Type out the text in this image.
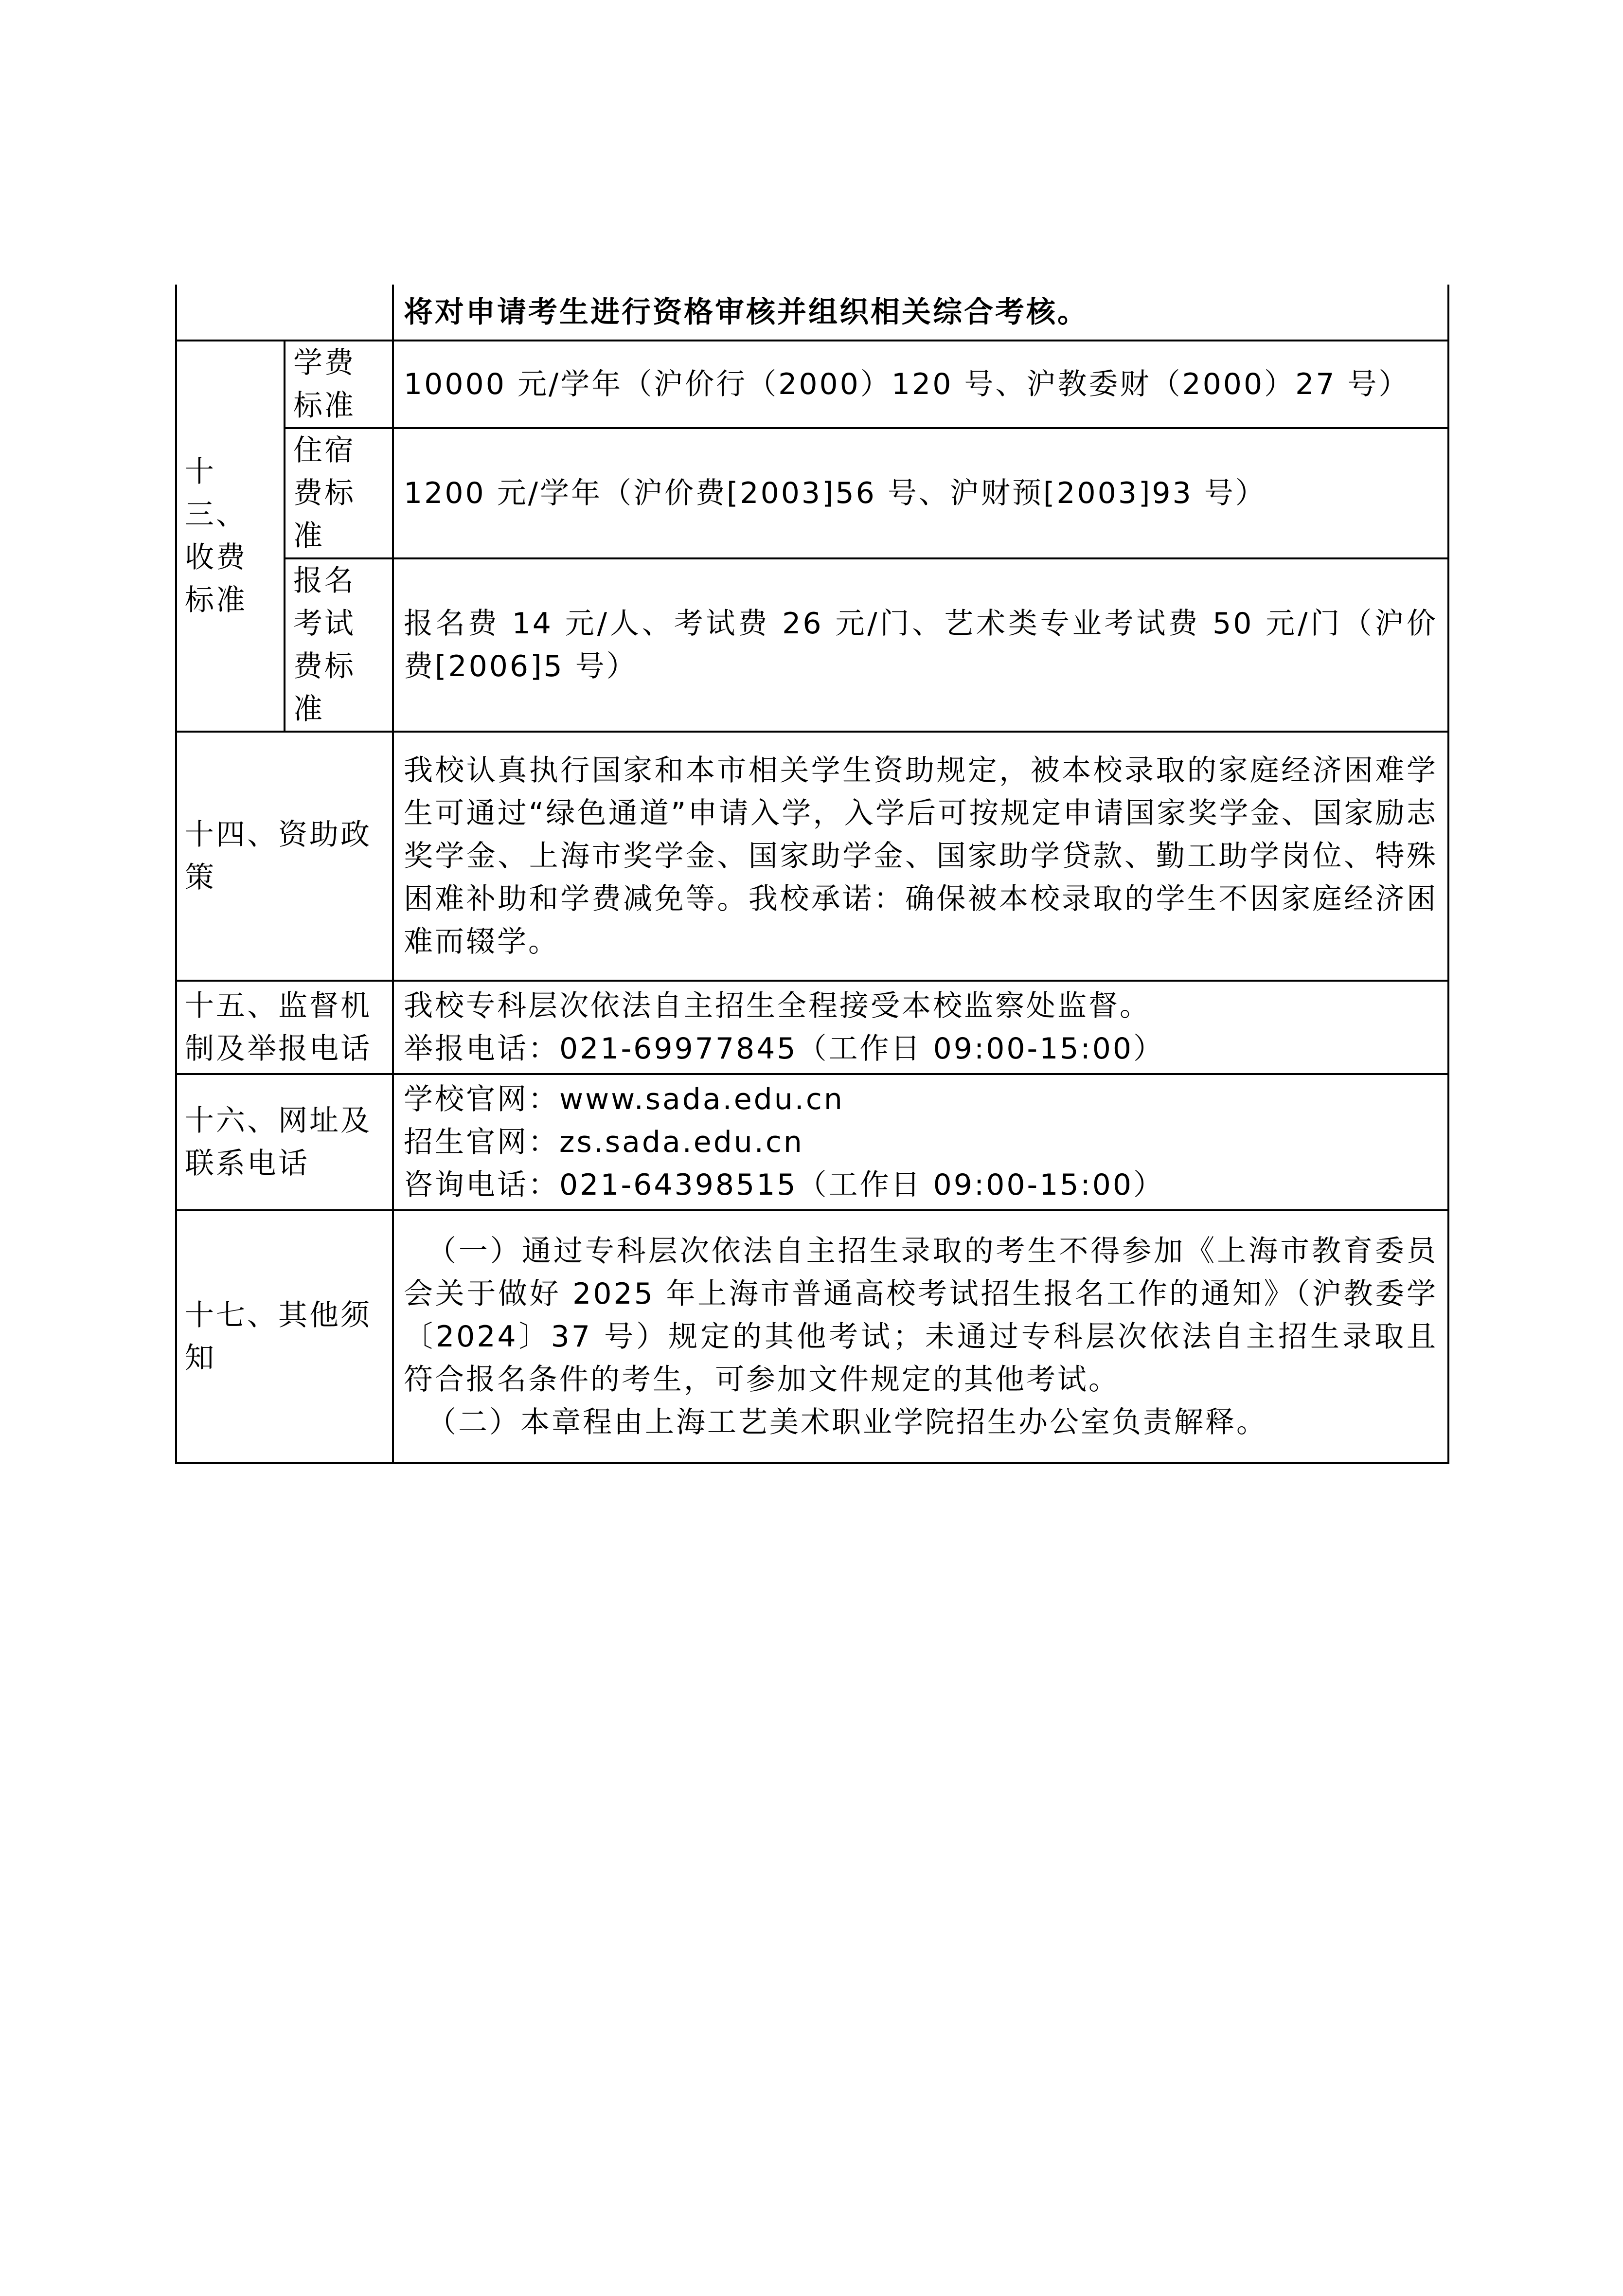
		将对申请考生进行资格审核并组织相关综合考核。
十三、收费标准	学费标准	10000 元/学年（沪价行（2000）120 号、沪教委财（2000）27 号）
	住宿费标准	1200 元/学年（沪价费[2003]56 号、沪财预[2003]93 号）
	报名考试费标准	报名费 14 元/人、考试费 26 元/门、艺术类专业考试费 50 元/门（沪价费[2006]5 号）
十四、资助政策		我校认真执行国家和本市相关学生资助规定，被本校录取的家庭经济困难学生可通过“绿色通道”申请入学，入学后可按规定申请国家奖学金、国家励志奖学金、上海市奖学金、国家助学金、国家助学贷款、勤工助学岗位、特殊困难补助和学费减免等。我校承诺：确保被本校录取的学生不因家庭经济困难而辍学。
十五、监督机制及举报电话		我校专科层次依法自主招生全程接受本校监察处监督。
举报电话：021-69977845（工作日 09:00-15:00）

十六、网址及联系电话		学校官网：www.sada.edu.cn
招生官网：zs.sada.edu.cn
咨询电话：021-64398515（工作日 09:00-15:00）

十七、其他须知		（一）通过专科层次依法自主招生录取的考生不得参加《上海市教育委员会关于做好 2025 年上海市普通高校考试招生报名工作的通知》（沪教委学〔2024〕37 号）规定的其他考试；未通过专科层次依法自主招生录取且符合报名条件的考生，可参加文件规定的其他考试。
（二）本章程由上海工艺美术职业学院招生办公室负责解释。
